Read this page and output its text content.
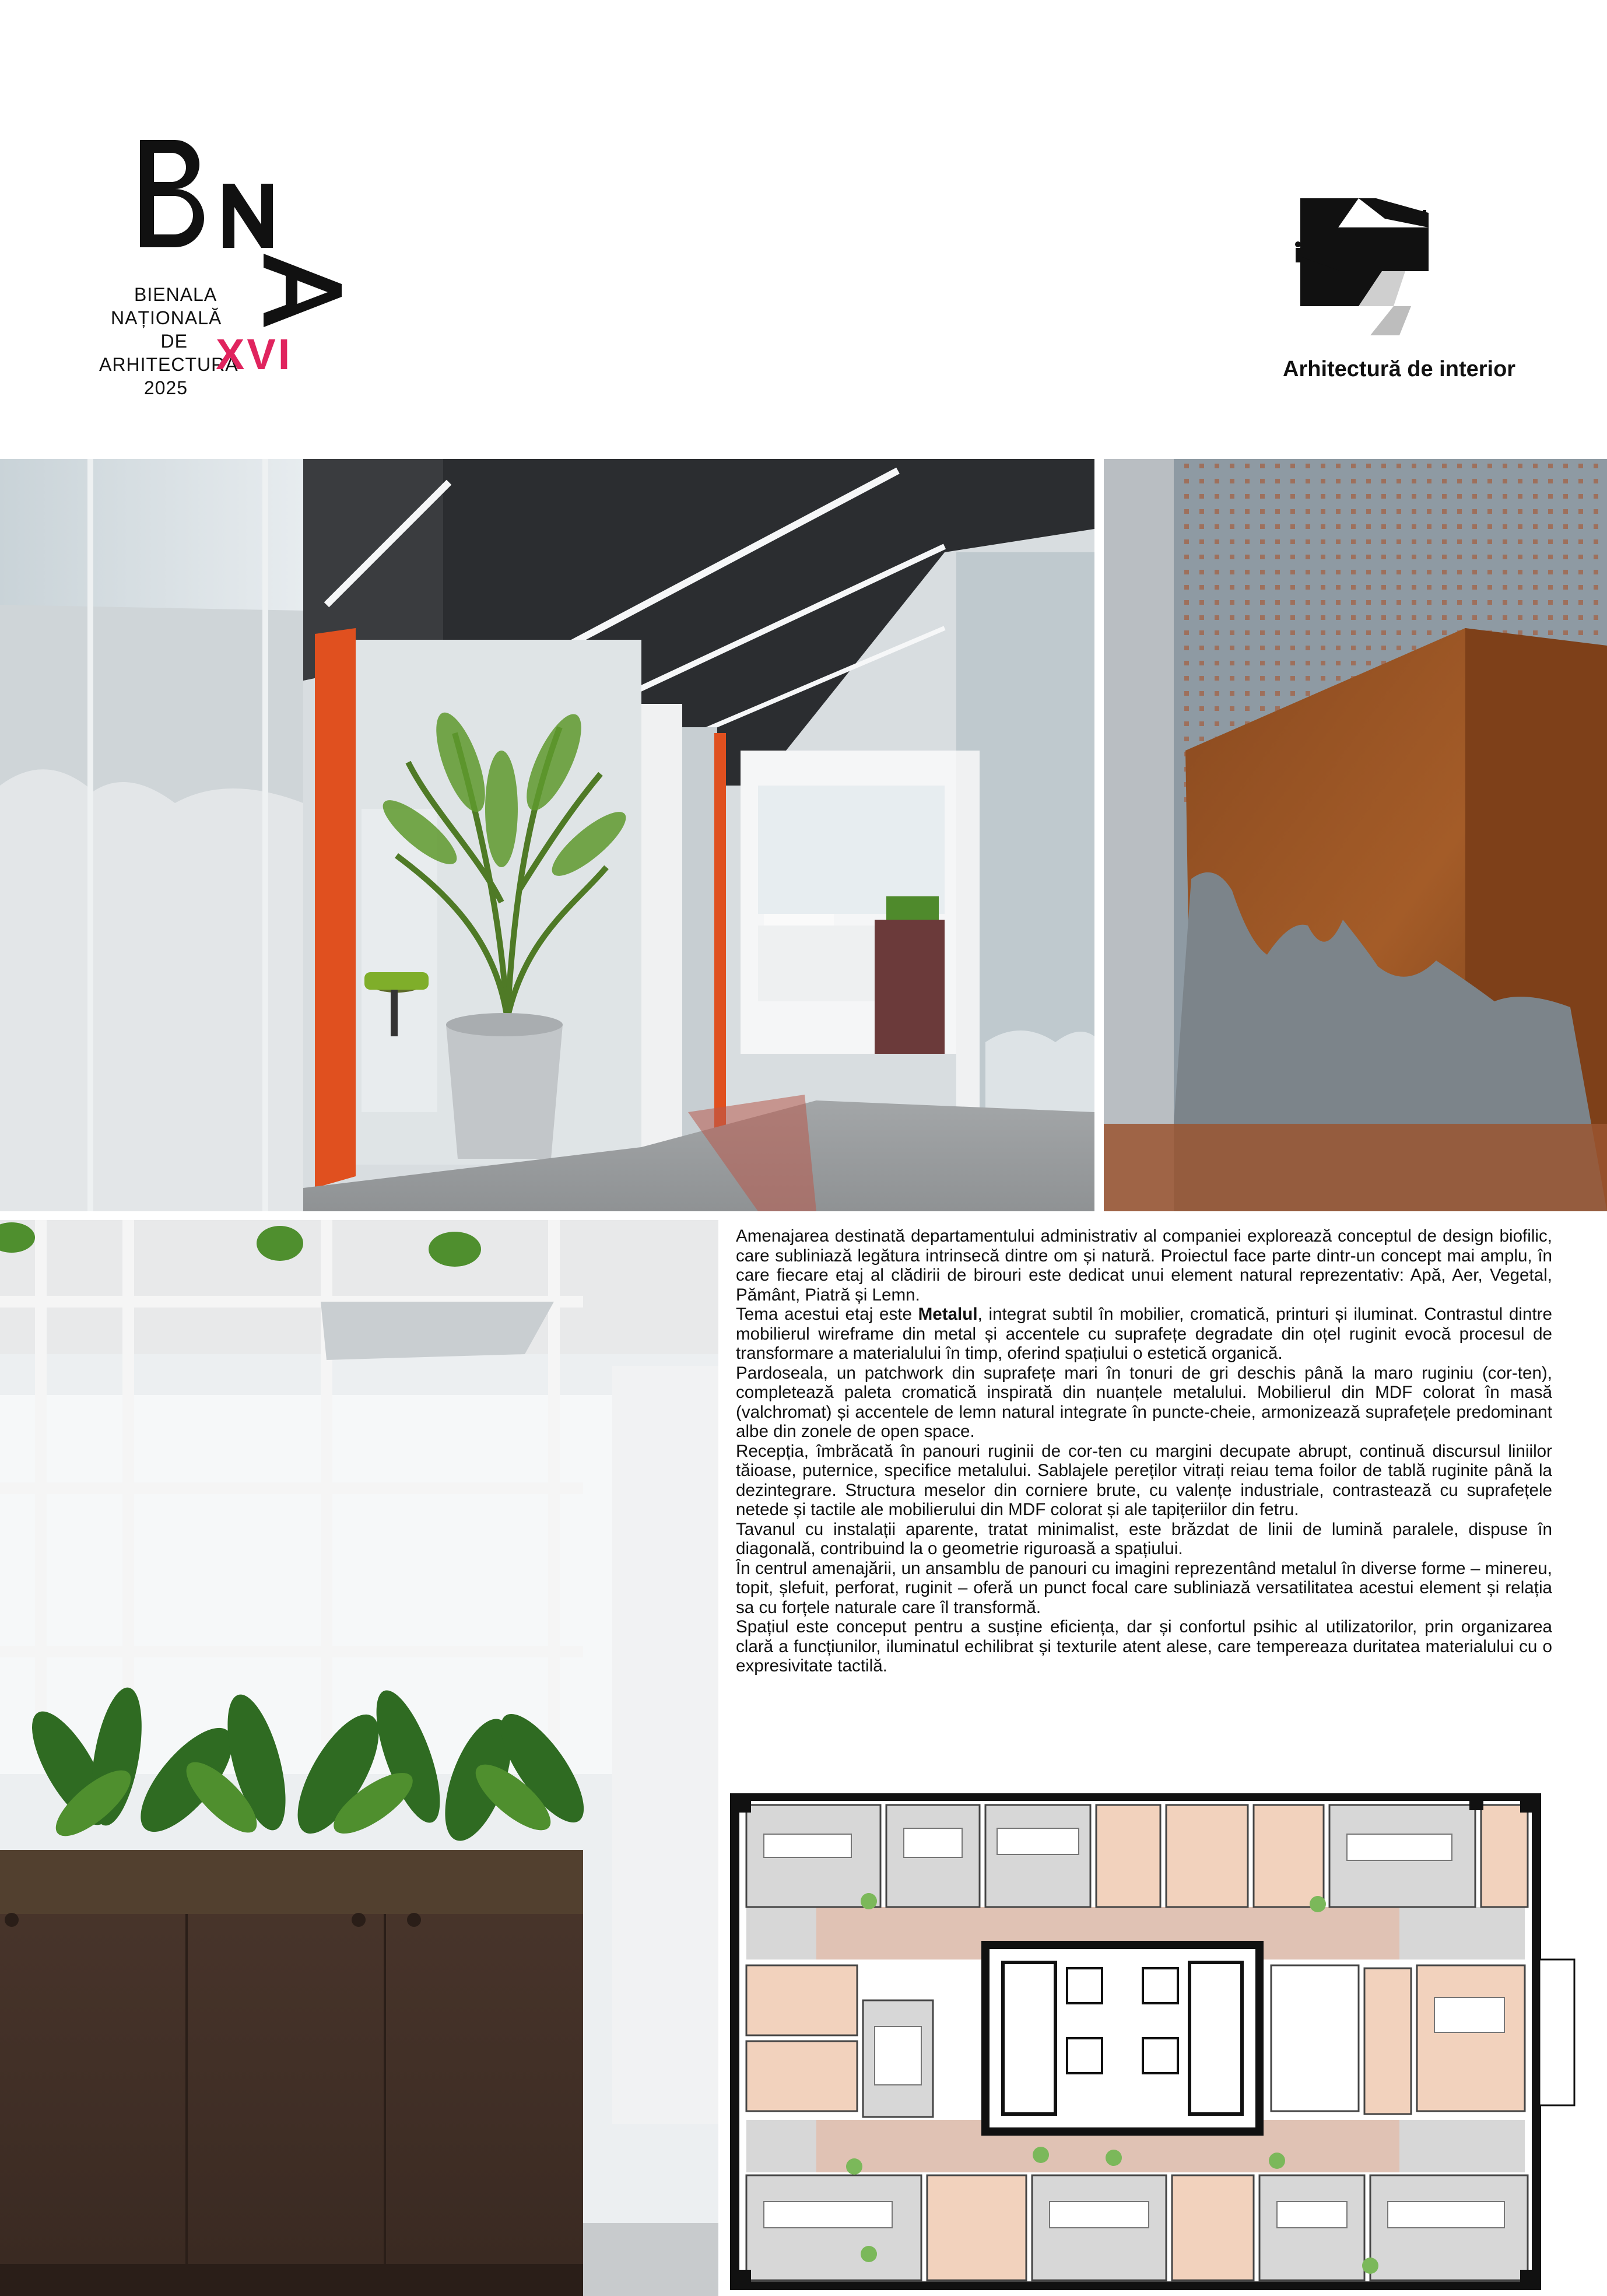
BIENALA
NAȚIONALĂ
DE
ARHITECTURĂ
2025
XVI	Arhitectură de interior

Amenajarea destinată departamentului administrativ al companiei explorează conceptul de design biofilic, care subliniază legătura intrinsecă dintre om și natură. Proiectul face parte dintr-un concept mai amplu, în care fiecare etaj al clădirii de birouri este dedicat unui element natural reprezentativ: Apă, Aer, Vegetal, Pământ, Piatră și Lemn.

Tema acestui etaj este Metalul, integrat subtil în mobilier, cromatică, printuri și iluminat. Contrastul dintre mobilierul wireframe din metal și accentele cu suprafețe degradate din oțel ruginit evocă procesul de transformare a materialului în timp, oferind spațiului o estetică organică.

Pardoseala, un patchwork din suprafețe mari în tonuri de gri deschis până la maro ruginiu (cor-ten), completează paleta cromatică inspirată din nuanțele metalului. Mobilierul din MDF colorat în masă (valchromat) și accentele de lemn natural integrate în puncte-cheie, armonizează suprafețele predominant albe din zonele de open space.

Recepția, îmbrăcată în panouri ruginii de cor-ten cu margini decupate abrupt, continuă discursul liniilor tăioase, puternice, specifice metalului. Sablajele pereților vitrați reiau tema foilor de tablă ruginite până la dezintegrare. Structura meselor din corniere brute, cu valențe industriale, contrastează cu suprafețele netede și tactile ale mobilierului din MDF colorat și ale tapițeriilor din fetru.

Tavanul cu instalații aparente, tratat minimalist, este brăzdat de linii de lumină paralele, dispuse în diagonală, contribuind la o geometrie riguroasă a spațiului.

În centrul amenajării, un ansamblu de panouri cu imagini reprezentând metalul în diverse forme – minereu, topit, șlefuit, perforat, ruginit – oferă un punct focal care subliniază versatilitatea acestui element și relația sa cu forțele naturale care îl transformă.

Spațiul este conceput pentru a susține eficiența, dar și confortul psihic al utilizatorilor, prin organizarea clară a funcțiunilor, iluminatul echilibrat și texturile atent alese, care tempereaza duritatea materialului cu o expresivitate tactilă.
